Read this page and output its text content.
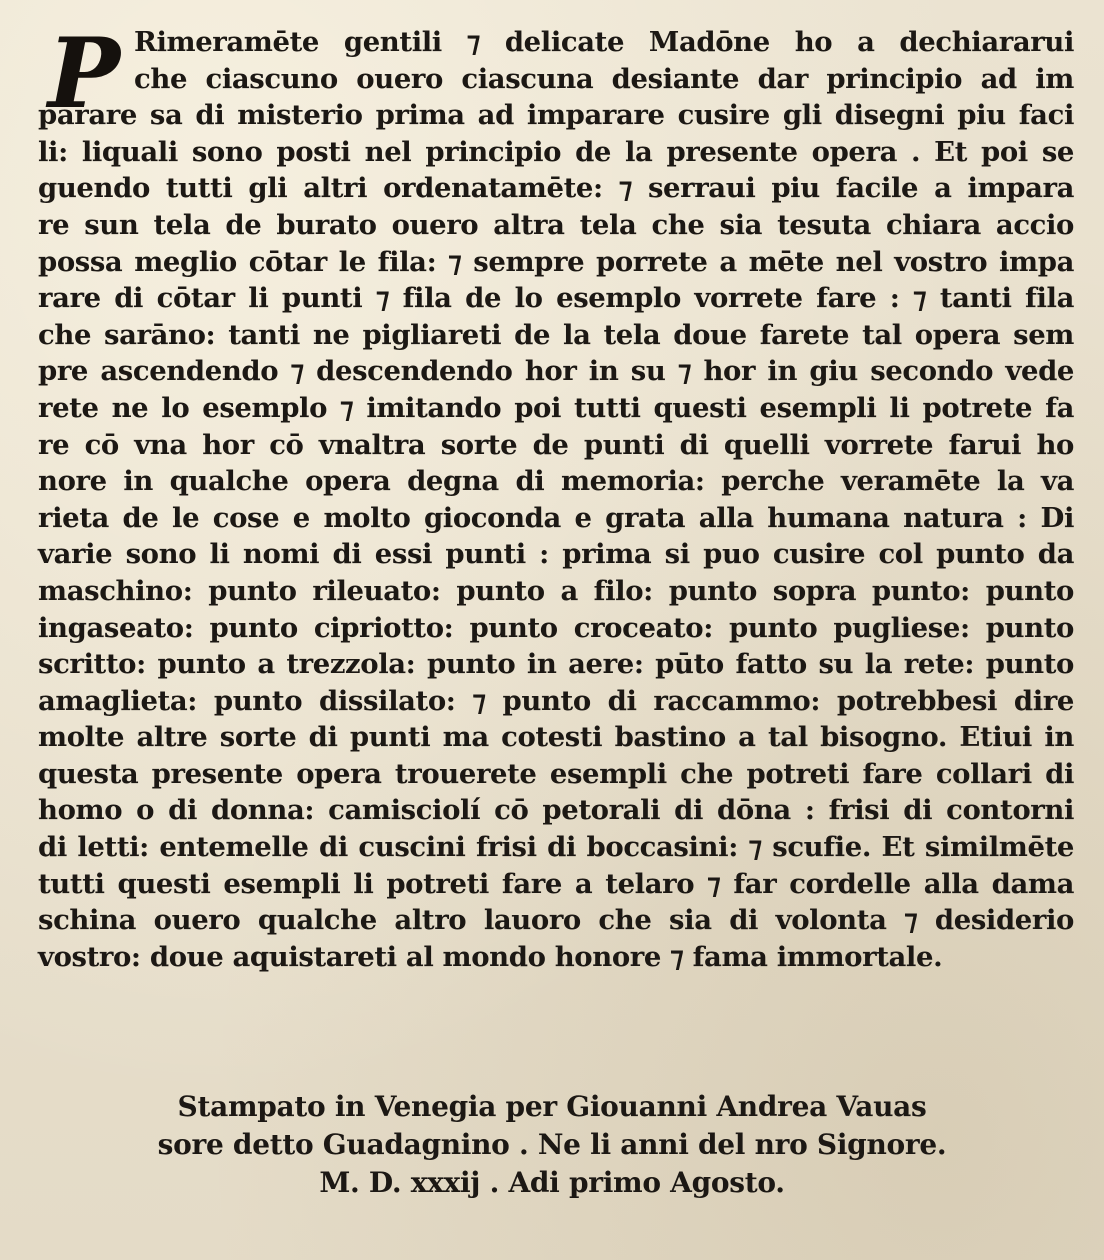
P Rimeramēte gentili ⁊ delicate Madōne ho a dechiararui
che ciascuno ouero ciascuna desiante dar principio ad im
parare sa di misterio prima ad imparare cusire gli disegni piu faci
li: liquali sono posti nel principio de la presente opera . Et poi se
guendo tutti gli altri ordenatamēte: ⁊ serraui piu facile a impara
re sun tela de burato ouero altra tela che sia tesuta chiara accio
possa meglio cōtar le fila: ⁊ sempre porrete a mēte nel vostro impa
rare di cōtar li punti ⁊ fila de lo esemplo vorrete fare : ⁊ tanti fila
che sarāno: tanti ne pigliareti de la tela doue farete tal opera sem
pre ascendendo ⁊ descendendo hor in su ⁊ hor in giu secondo vede
rete ne lo esemplo ⁊ imitando poi tutti questi esempli li potrete fa
re cō vna hor cō vnaltra sorte de punti di quelli vorrete farui ho
nore in qualche opera degna di memoria: perche veramēte la va
rieta de le cose e molto gioconda e grata alla humana natura : Di
varie sono li nomi di essi punti : prima si puo cusire col punto da
maschino: punto rileuato: punto a filo: punto sopra punto: punto
ingaseato: punto cipriotto: punto croceato: punto pugliese: punto
scritto: punto a trezzola: punto in aere: pūto fatto su la rete: punto
amaglieta: punto dissilato: ⁊ punto di raccammo: potrebbesi dire
molte altre sorte di punti ma cotesti bastino a tal bisogno. Etiui in
questa presente opera trouerete esempli che potreti fare collari di
homo o di donna: camisciolí cō petorali di dōna : frisi di contorni
di letti: entemelle di cuscini frisi di boccasini: ⁊ scufie. Et similmēte
tutti questi esempli li potreti fare a telaro ⁊ far cordelle alla dama
schina ouero qualche altro lauoro che sia di volonta ⁊ desiderio
vostro: doue aquistareti al mondo honore ⁊ fama immortale.
Stampato in Venegia per Giouanni Andrea Vauas
sore detto Guadagnino . Ne li anni del nro Signore.
M. D. xxxij . Adi primo Agosto.
